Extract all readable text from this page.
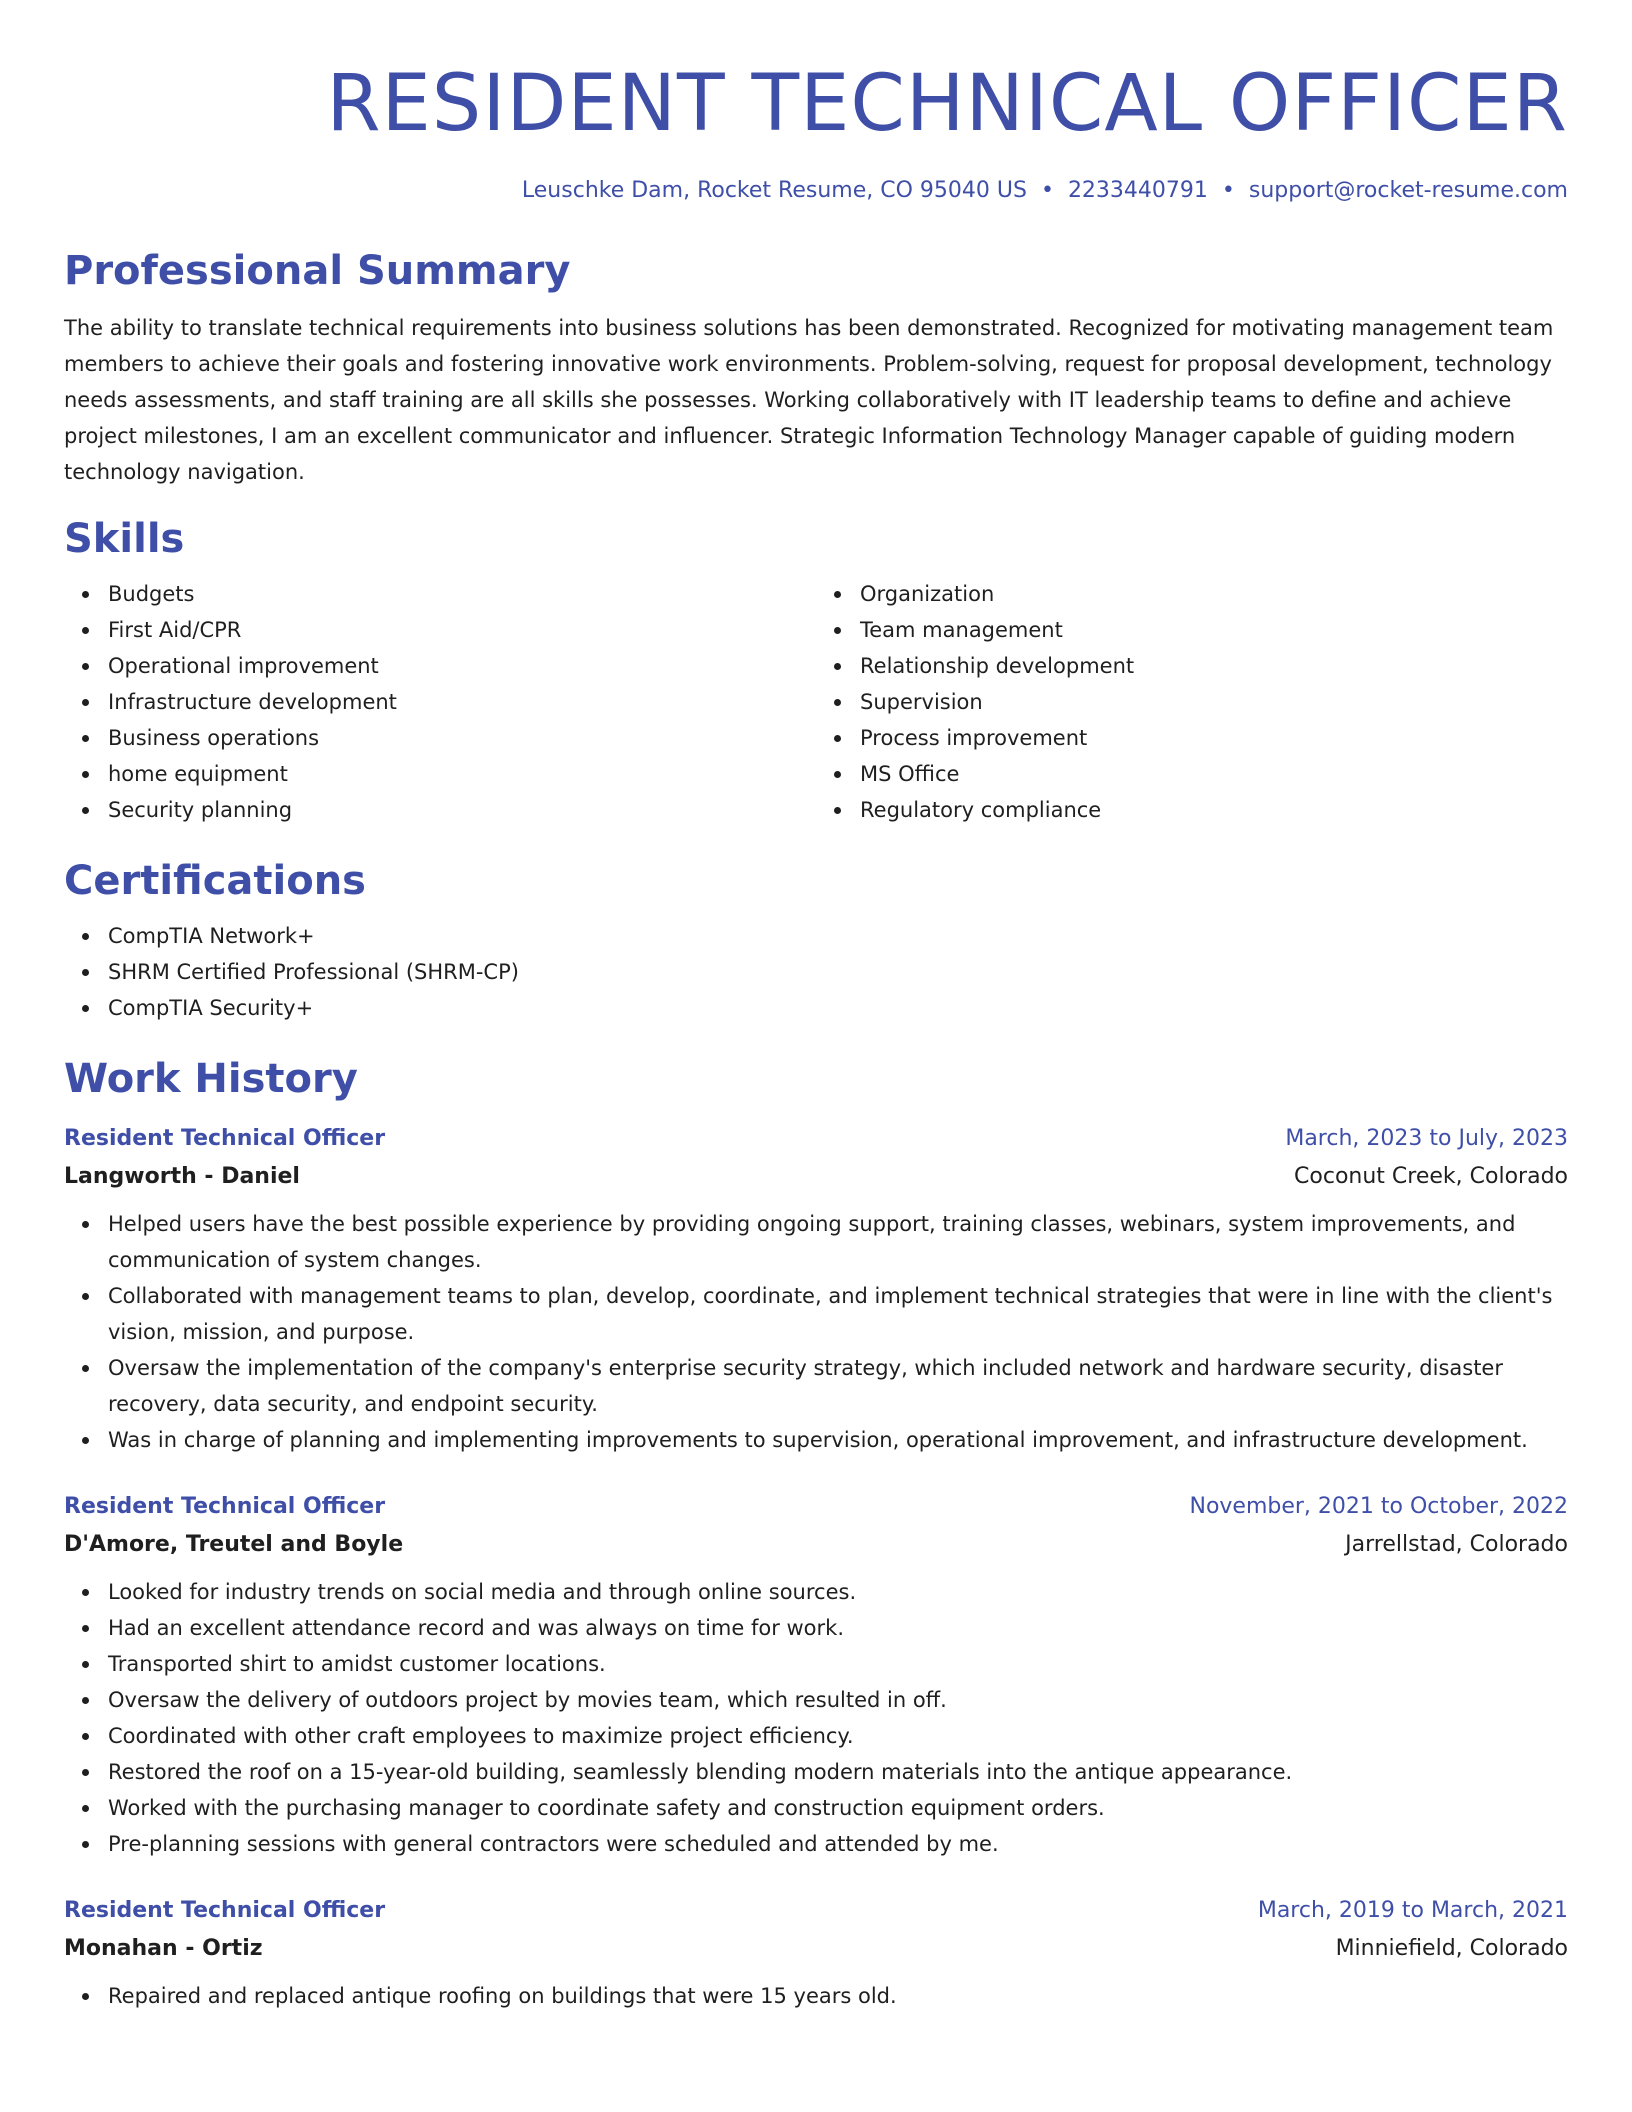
RESIDENT TECHNICAL OFFICER
Leuschke Dam, Rocket Resume, CO 95040 US • 2233440791 • support@rocket-resume.com
Professional Summary
The ability to translate technical requirements into business solutions has been demonstrated. Recognized for motivating management team members to achieve their goals and fostering innovative work environments. Problem-solving, request for proposal development, technology needs assessments, and staff training are all skills she possesses. Working collaboratively with IT leadership teams to define and achieve project milestones, I am an excellent communicator and influencer. Strategic Information Technology Manager capable of guiding modern technology navigation.
Skills
Budgets
First Aid/CPR
Operational improvement
Infrastructure development
Business operations
home equipment
Security planning
Organization
Team management
Relationship development
Supervision
Process improvement
MS Office
Regulatory compliance
Certifications
CompTIA Network+
SHRM Certified Professional (SHRM-CP)
CompTIA Security+
Work History
Resident Technical Officer	March, 2023 to July, 2023
Langworth - Daniel	Coconut Creek, Colorado
Helped users have the best possible experience by providing ongoing support, training classes, webinars, system improvements, and communication of system changes.
Collaborated with management teams to plan, develop, coordinate, and implement technical strategies that were in line with the client's vision, mission, and purpose.
Oversaw the implementation of the company's enterprise security strategy, which included network and hardware security, disaster recovery, data security, and endpoint security.
Was in charge of planning and implementing improvements to supervision, operational improvement, and infrastructure development.
Resident Technical Officer	November, 2021 to October, 2022
D'Amore, Treutel and Boyle	Jarrellstad, Colorado
Looked for industry trends on social media and through online sources.
Had an excellent attendance record and was always on time for work.
Transported shirt to amidst customer locations.
Oversaw the delivery of outdoors project by movies team, which resulted in off.
Coordinated with other craft employees to maximize project efficiency.
Restored the roof on a 15-year-old building, seamlessly blending modern materials into the antique appearance.
Worked with the purchasing manager to coordinate safety and construction equipment orders.
Pre-planning sessions with general contractors were scheduled and attended by me.
Resident Technical Officer	March, 2019 to March, 2021
Monahan - Ortiz	Minniefield, Colorado
Repaired and replaced antique roofing on buildings that were 15 years old.
